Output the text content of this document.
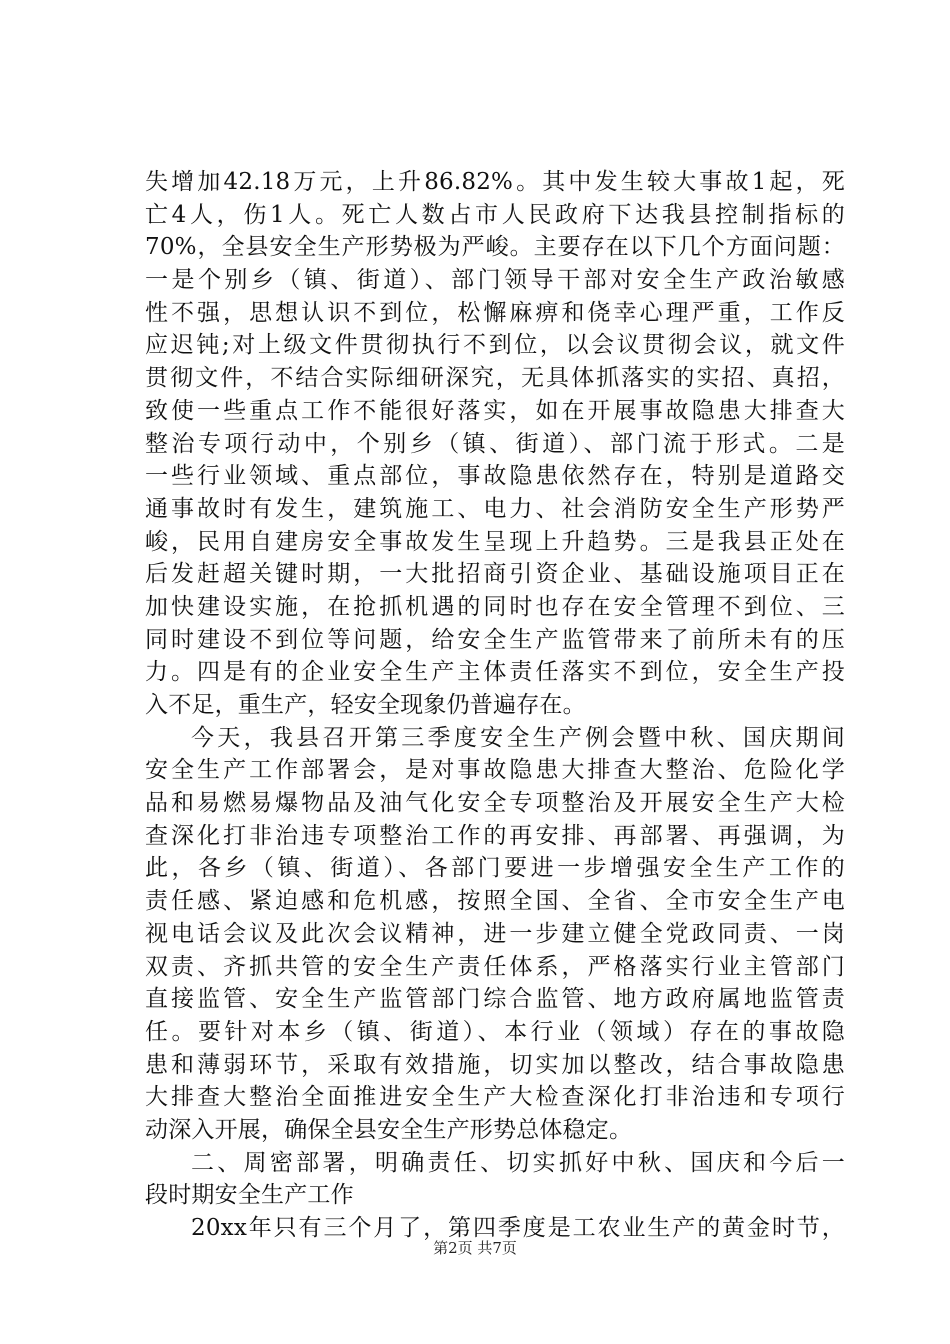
失增加42.18万元，上升86.82%。其中发生较大事故1起，死
亡4人，伤1人。死亡人数占市人民政府下达我县控制指标的
70%，全县安全生产形势极为严峻。主要存在以下几个方面问题：
一是个别乡（镇、街道）、部门领导干部对安全生产政治敏感
性不强，思想认识不到位，松懈麻痹和侥幸心理严重，工作反
应迟钝;对上级文件贯彻执行不到位，以会议贯彻会议，就文件
贯彻文件，不结合实际细研深究，无具体抓落实的实招、真招，
致使一些重点工作不能很好落实，如在开展事故隐患大排查大
整治专项行动中，个别乡（镇、街道）、部门流于形式。二是
一些行业领域、重点部位，事故隐患依然存在，特别是道路交
通事故时有发生，建筑施工、电力、社会消防安全生产形势严
峻，民用自建房安全事故发生呈现上升趋势。三是我县正处在
后发赶超关键时期，一大批招商引资企业、基础设施项目正在
加快建设实施，在抢抓机遇的同时也存在安全管理不到位、三
同时建设不到位等问题，给安全生产监管带来了前所未有的压
力。四是有的企业安全生产主体责任落实不到位，安全生产投
入不足，重生产，轻安全现象仍普遍存在。
今天，我县召开第三季度安全生产例会暨中秋、国庆期间
安全生产工作部署会，是对事故隐患大排查大整治、危险化学
品和易燃易爆物品及油气化安全专项整治及开展安全生产大检
查深化打非治违专项整治工作的再安排、再部署、再强调，为
此，各乡（镇、街道）、各部门要进一步增强安全生产工作的
责任感、紧迫感和危机感，按照全国、全省、全市安全生产电
视电话会议及此次会议精神，进一步建立健全党政同责、一岗
双责、齐抓共管的安全生产责任体系，严格落实行业主管部门
直接监管、安全生产监管部门综合监管、地方政府属地监管责
任。要针对本乡（镇、街道）、本行业（领域）存在的事故隐
患和薄弱环节，采取有效措施，切实加以整改，结合事故隐患
大排查大整治全面推进安全生产大检查深化打非治违和专项行
动深入开展，确保全县安全生产形势总体稳定。
二、周密部署，明确责任、切实抓好中秋、国庆和今后一
段时期安全生产工作
20xx年只有三个月了，第四季度是工农业生产的黄金时节，
第2页 共7页
